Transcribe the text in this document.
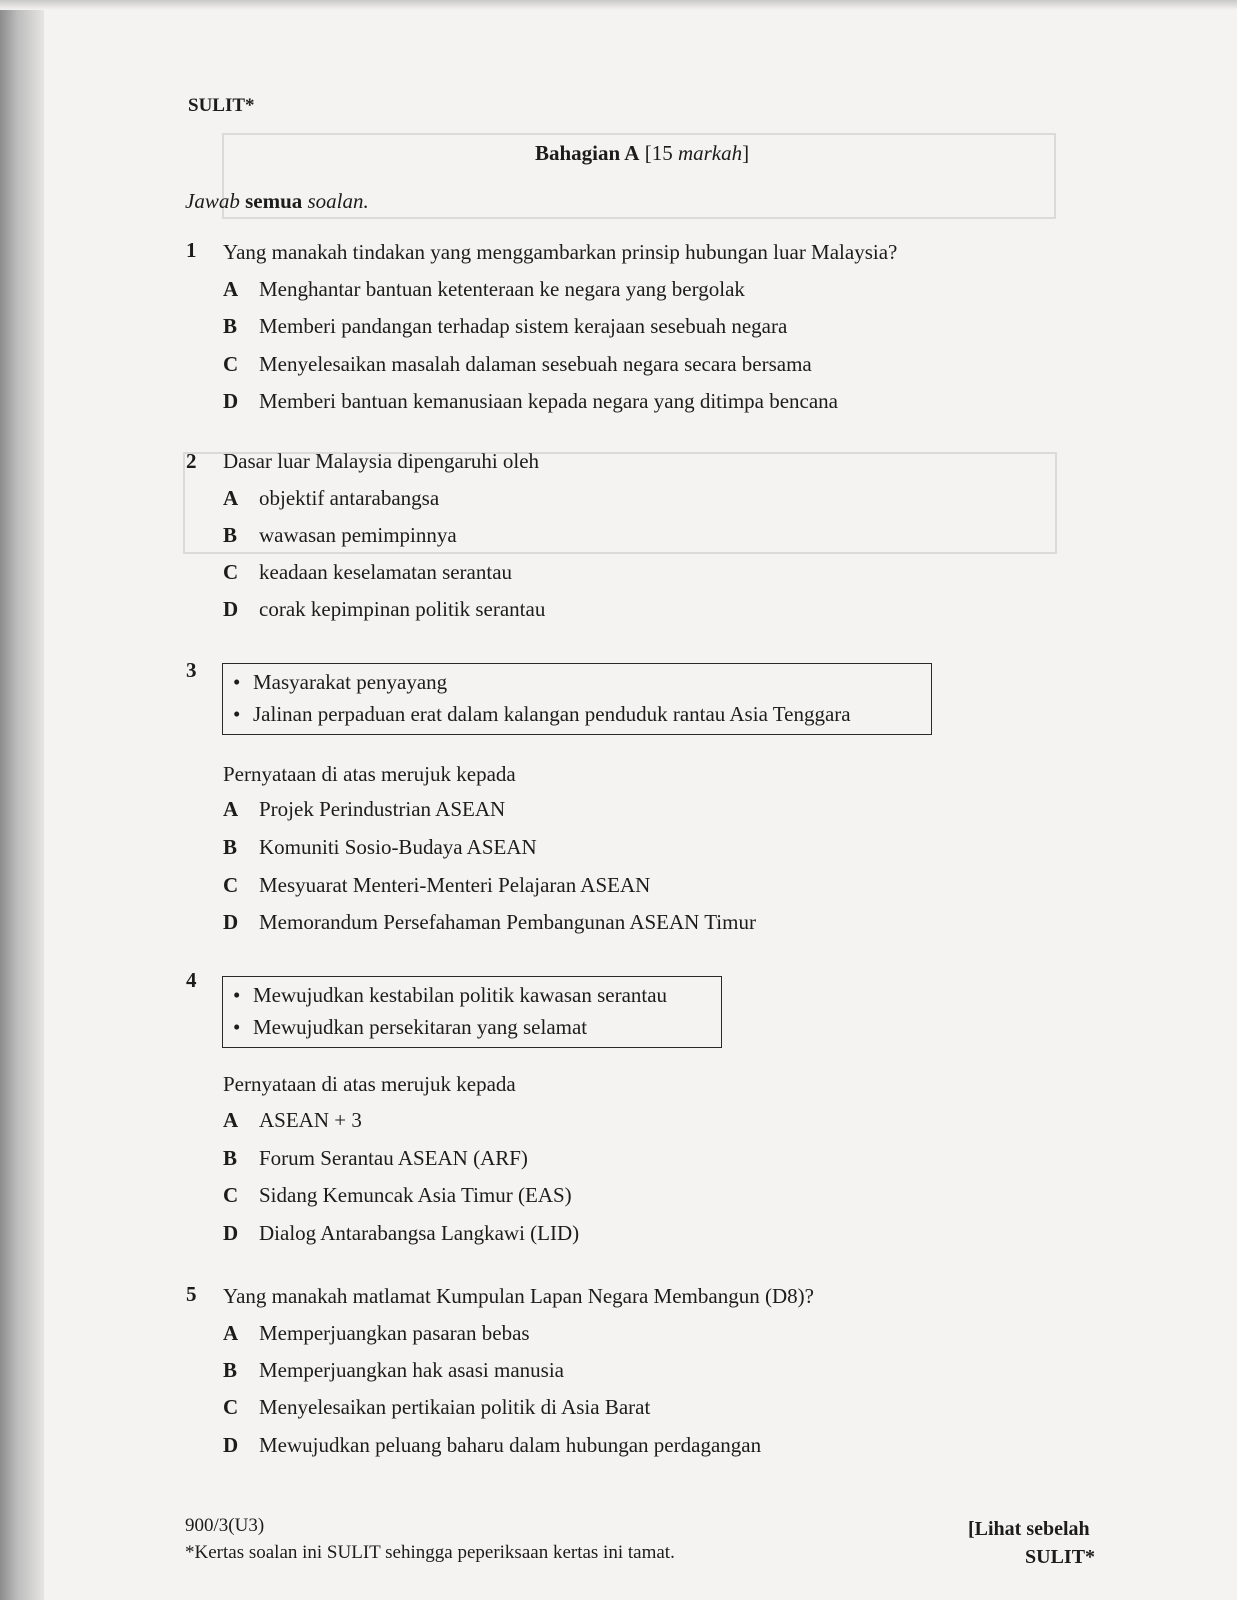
SULIT*
Bahagian A [15 markah]
Jawab semua soalan.
1 Yang manakah tindakan yang menggambarkan prinsip hubungan luar Malaysia?
A Menghantar bantuan ketenteraan ke negara yang bergolak
B Memberi pandangan terhadap sistem kerajaan sesebuah negara
C Menyelesaikan masalah dalaman sesebuah negara secara bersama
D Memberi bantuan kemanusiaan kepada negara yang ditimpa bencana
2 Dasar luar Malaysia dipengaruhi oleh
A objektif antarabangsa
B wawasan pemimpinnya
C keadaan keselamatan serantau
D corak kepimpinan politik serantau
3 • Masyarakat penyayang
• Jalinan perpaduan erat dalam kalangan penduduk rantau Asia Tenggara
Pernyataan di atas merujuk kepada
A Projek Perindustrian ASEAN
B Komuniti Sosio-Budaya ASEAN
C Mesyuarat Menteri-Menteri Pelajaran ASEAN
D Memorandum Persefahaman Pembangunan ASEAN Timur
4
• Mewujudkan kestabilan politik kawasan serantau
• Mewujudkan persekitaran yang selamat
Pernyataan di atas merujuk kepada
A ASEAN + 3
B Forum Serantau ASEAN (ARF)
C Sidang Kemuncak Asia Timur (EAS)
D Dialog Antarabangsa Langkawi (LID)
5 Yang manakah matlamat Kumpulan Lapan Negara Membangun (D8)?
A Memperjuangkan pasaran bebas
B Memperjuangkan hak asasi manusia
C Menyelesaikan pertikaian politik di Asia Barat
D Mewujudkan peluang baharu dalam hubungan perdagangan
900/3(U3)
*Kertas soalan ini SULIT sehingga peperiksaan kertas ini tamat.
[Lihat sebelah
SULIT*
